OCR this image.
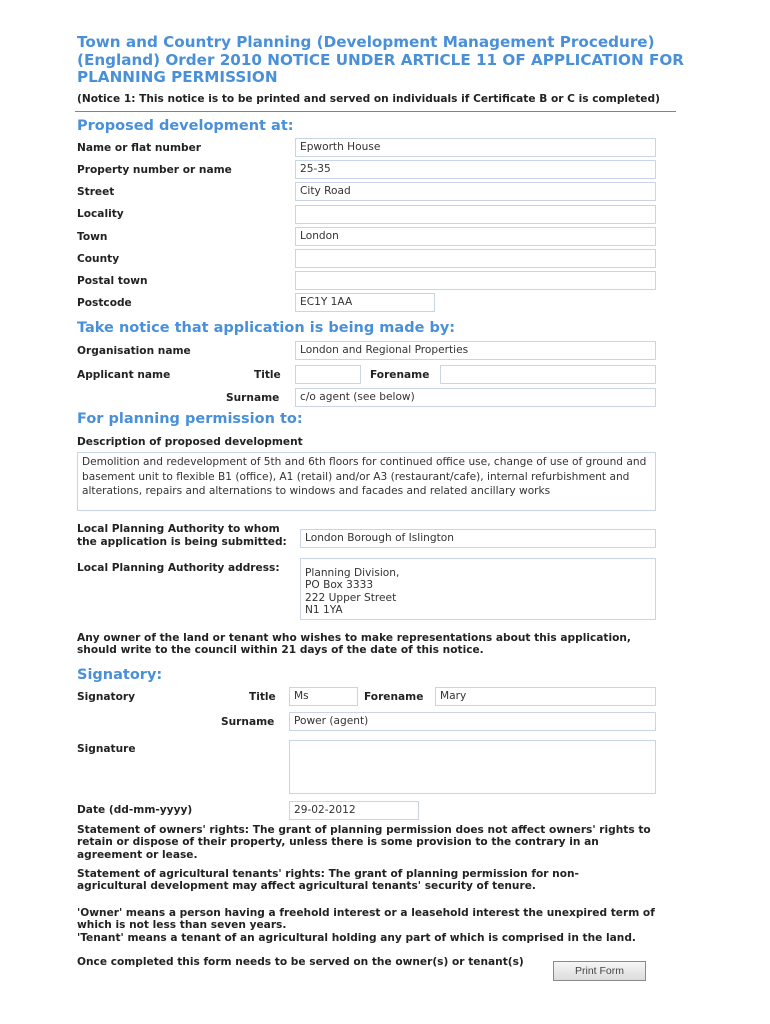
Town and Country Planning (Development Management Procedure) (England) Order 2010 NOTICE UNDER ARTICLE 11 OF APPLICATION FOR PLANNING PERMISSION
(Notice 1: This notice is to be printed and served on individuals if Certificate B or C is completed)
Proposed development at:
Name or flat number	Epworth House
Property number or name	25-35
Street	City Road
Locality
Town	London
County
Postal town
Postcode	EC1Y 1AA
Take notice that application is being made by:
Organisation name	London and Regional Properties
Applicant name	Title	Forename
Surname	c/o agent (see below)
For planning permission to:
Description of proposed development
Demolition and redevelopment of 5th and 6th floors for continued office use, change of use of ground and basement unit to flexible B1 (office), A1 (retail) and/or A3 (restaurant/cafe), internal refurbishment and alterations, repairs and alternations to windows and facades and related ancillary works
Local Planning Authority to whom
the application is being submitted:	London Borough of Islington
Local Planning Authority address:	Planning Division,
PO Box 3333
222 Upper Street
N1 1YA
Any owner of the land or tenant who wishes to make representations about this application, should write to the council within 21 days of the date of this notice.
Signatory:
Signatory	Title	Ms	Forename	Mary
Surname	Power (agent)
Signature
Date (dd-mm-yyyy)	29-02-2012
Statement of owners' rights: The grant of planning permission does not affect owners' rights to retain or dispose of their property, unless there is some provision to the contrary in an agreement or lease.
Statement of agricultural tenants' rights: The grant of planning permission for non-agricultural development may affect agricultural tenants' security of tenure.
'Owner' means a person having a freehold interest or a leasehold interest the unexpired term of which is not less than seven years.
'Tenant' means a tenant of an agricultural holding any part of which is comprised in the land.
Once completed this form needs to be served on the owner(s) or tenant(s)
Print Form
